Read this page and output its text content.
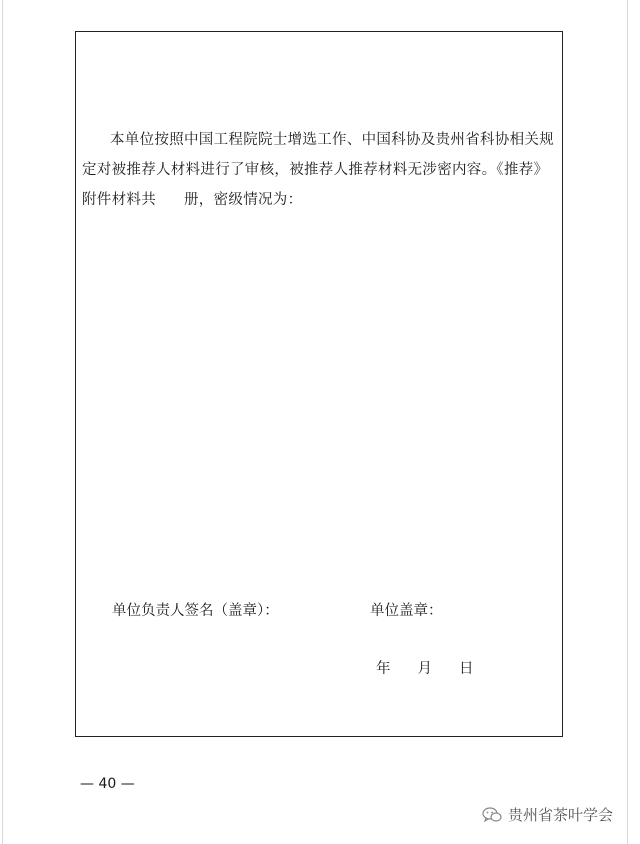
本单位按照中国工程院院士增选工作、中国科协及贵州省科协相关规
定对被推荐人材料进行了审核，被推荐人推荐材料无涉密内容。《推荐》
附件材料共 册，密级情况为：

单位负责人签名（盖章）：	单位盖章：
年 月 日
— 40 —
贵州省茶叶学会
